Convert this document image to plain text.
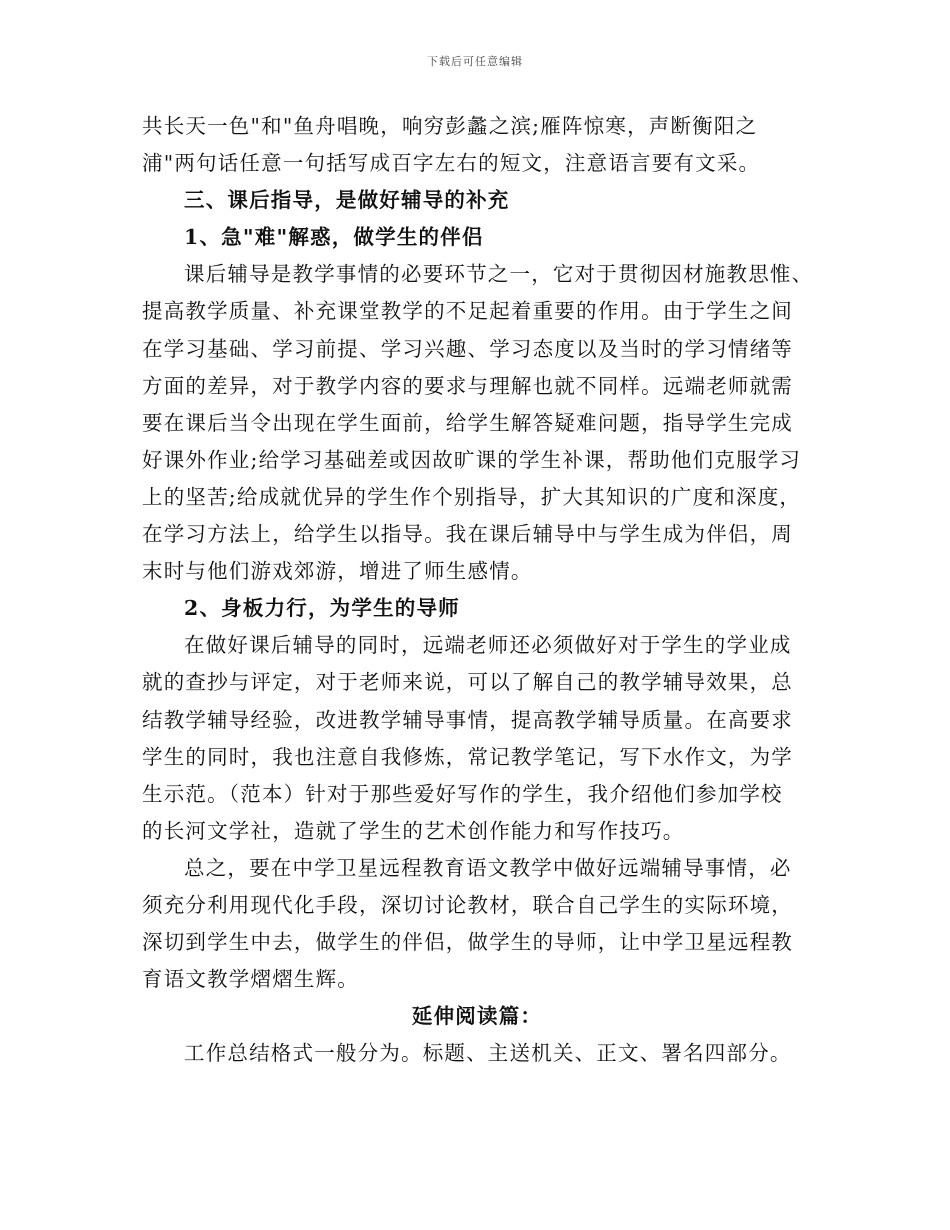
下载后可任意编辑
共长天一色"和"鱼舟唱晚，响穷彭蠡之滨;雁阵惊寒，声断衡阳之
浦"两句话任意一句括写成百字左右的短文，注意语言要有文采。
三、课后指导，是做好辅导的补充
1、急"难"解惑，做学生的伴侣
课后辅导是教学事情的必要环节之一，它对于贯彻因材施教思惟、
提高教学质量、补充课堂教学的不足起着重要的作用。由于学生之间
在学习基础、学习前提、学习兴趣、学习态度以及当时的学习情绪等
方面的差异，对于教学内容的要求与理解也就不同样。远端老师就需
要在课后当令出现在学生面前，给学生解答疑难问题，指导学生完成
好课外作业;给学习基础差或因故旷课的学生补课，帮助他们克服学习
上的坚苦;给成就优异的学生作个别指导，扩大其知识的广度和深度，
在学习方法上，给学生以指导。我在课后辅导中与学生成为伴侣，周
末时与他们游戏郊游，增进了师生感情。
2、身板力行，为学生的导师
在做好课后辅导的同时，远端老师还必须做好对于学生的学业成
就的查抄与评定，对于老师来说，可以了解自己的教学辅导效果，总
结教学辅导经验，改进教学辅导事情，提高教学辅导质量。在高要求
学生的同时，我也注意自我修炼，常记教学笔记，写下水作文，为学
生示范。（范本）针对于那些爱好写作的学生，我介绍他们参加学校
的长河文学社，造就了学生的艺术创作能力和写作技巧。
总之，要在中学卫星远程教育语文教学中做好远端辅导事情，必
须充分利用现代化手段，深切讨论教材，联合自己学生的实际环境，
深切到学生中去，做学生的伴侣，做学生的导师，让中学卫星远程教
育语文教学熠熠生辉。
延伸阅读篇：
工作总结格式一般分为。标题、主送机关、正文、署名四部分。
